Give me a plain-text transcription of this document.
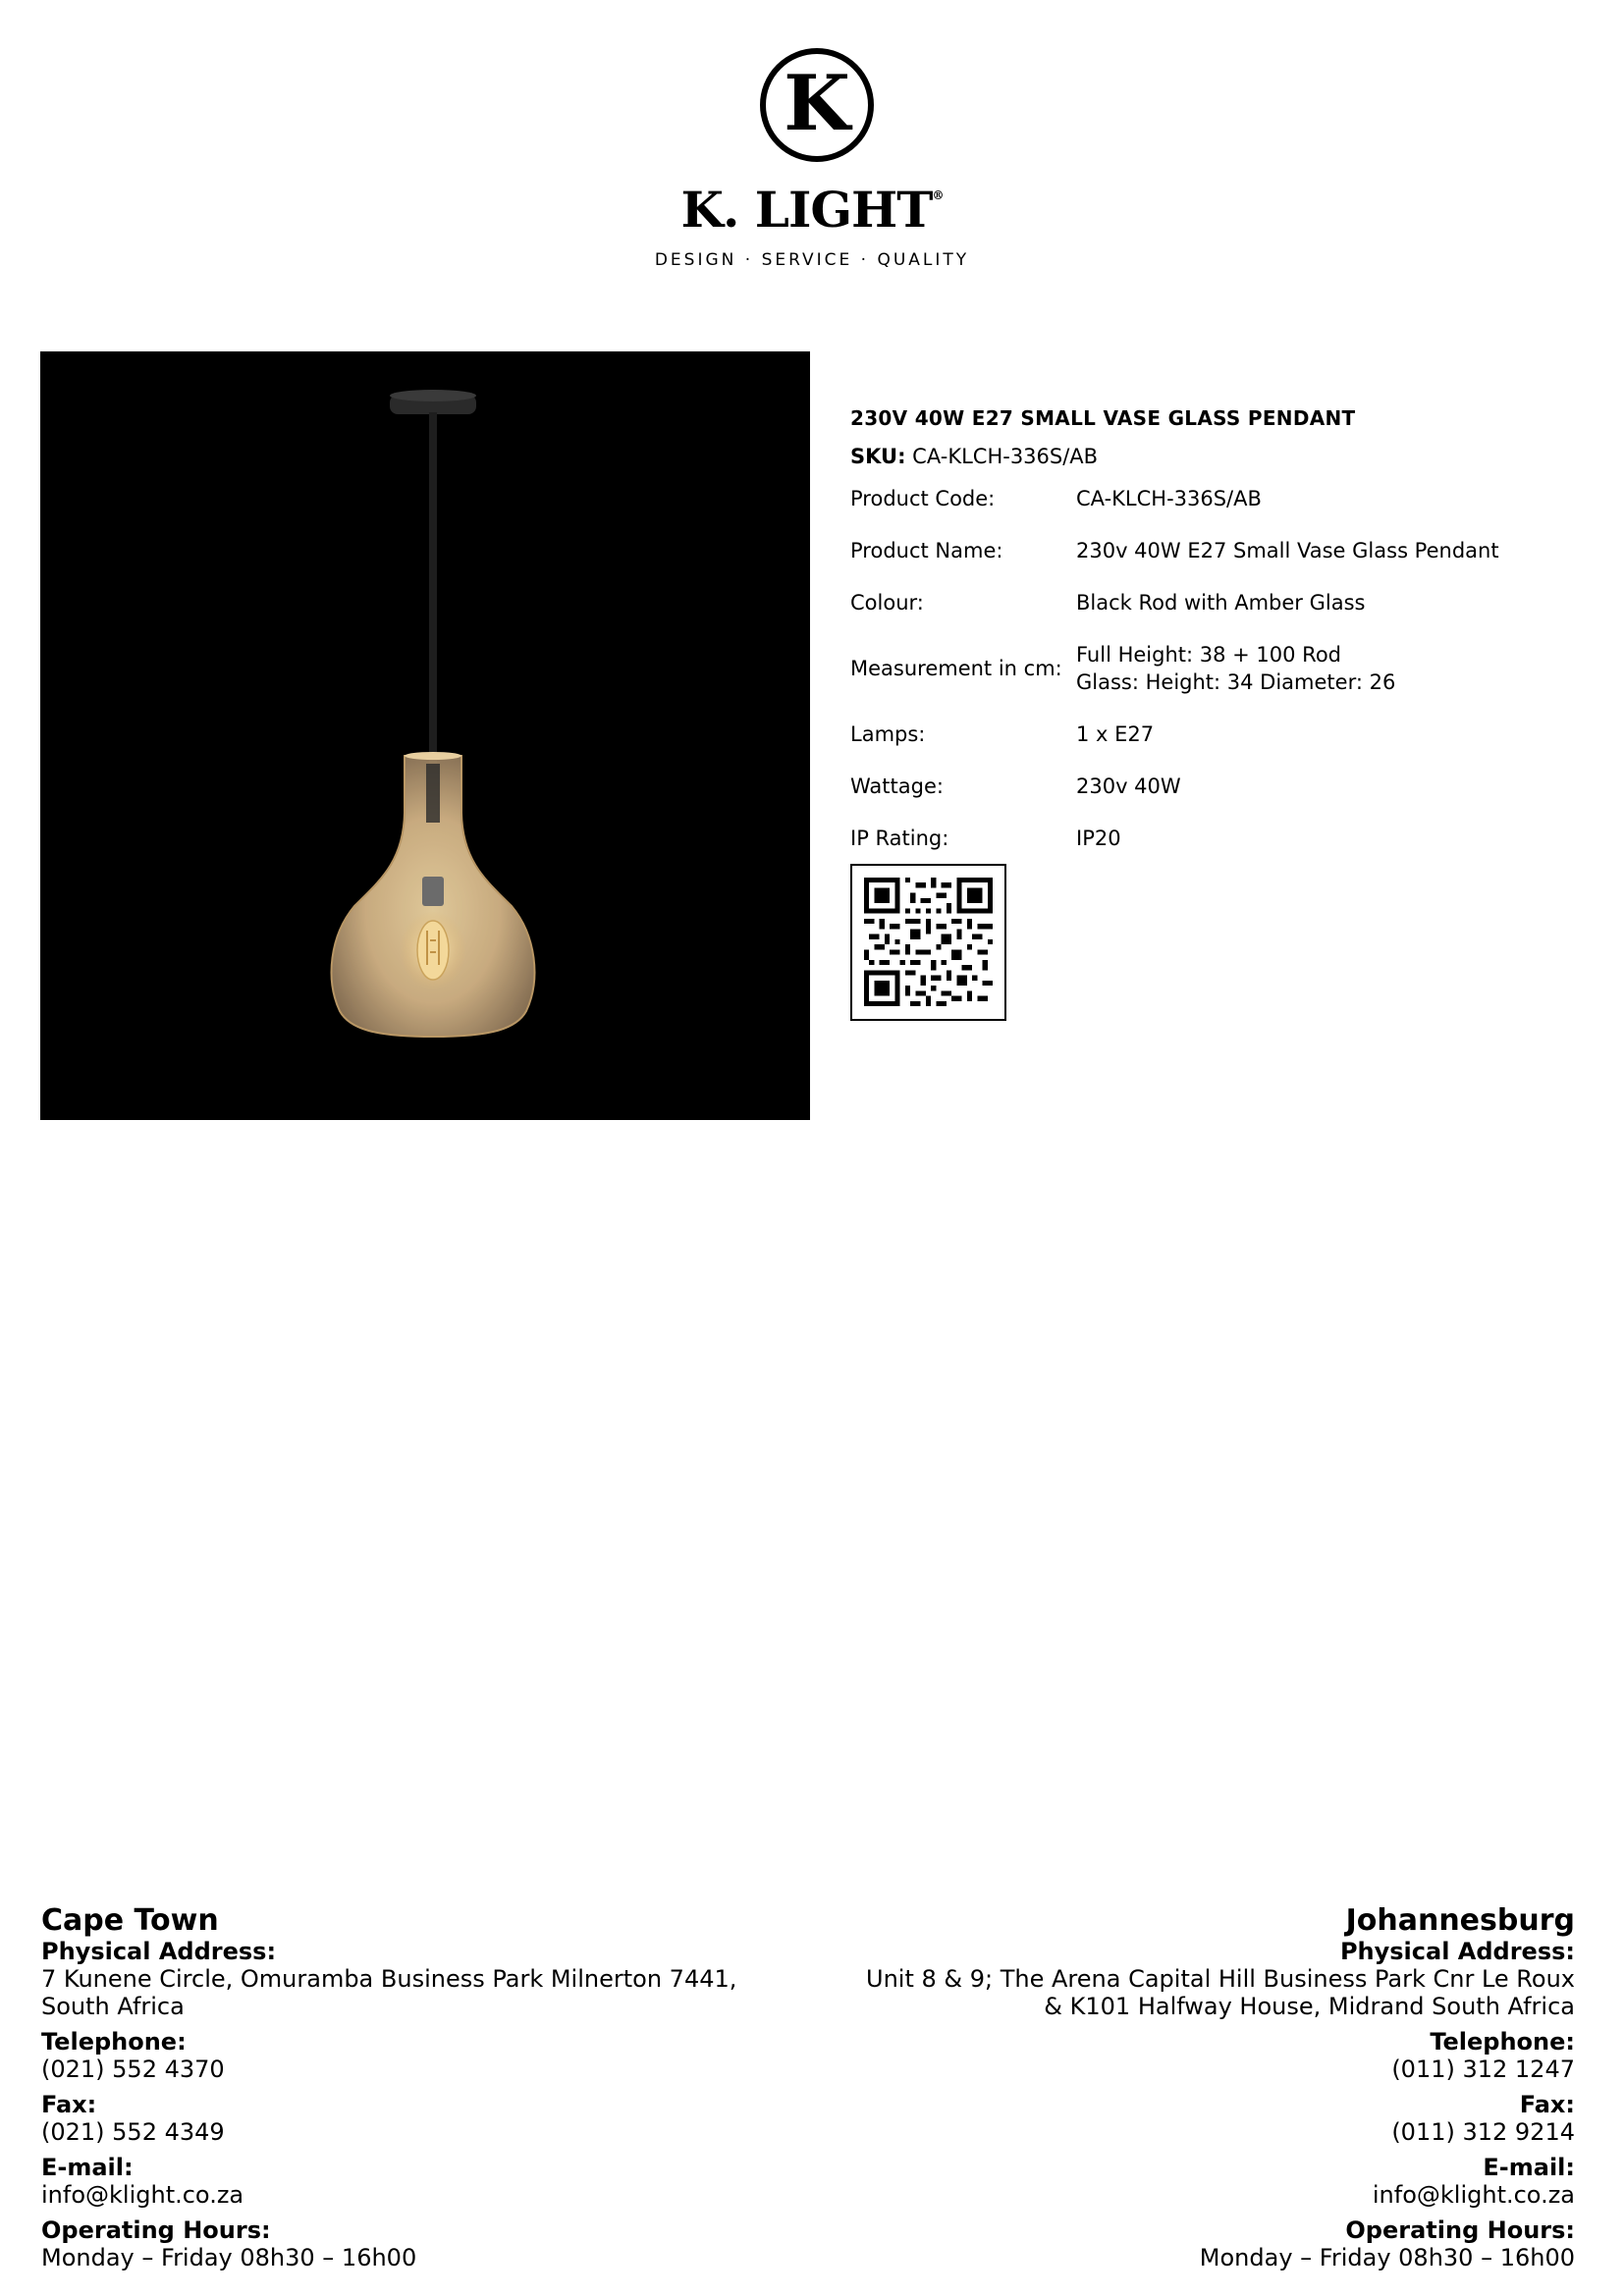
K
K. LIGHT®
DESIGN · SERVICE · QUALITY
230V 40W E27 SMALL VASE GLASS PENDANT
SKU: CA-KLCH-336S/AB
Product Code:	CA-KLCH-336S/AB
Product Name:	230v 40W E27 Small Vase Glass Pendant
Colour:	Black Rod with Amber Glass
Measurement in cm:
Full Height: 38 + 100 Rod
Glass: Height: 34 Diameter: 26
Lamps:	1 x E27
Wattage:	230v 40W
IP Rating:	IP20
Cape Town
Physical Address:
7 Kunene Circle, Omuramba Business Park Milnerton 7441,
South Africa
Telephone:
(021) 552 4370
Fax:
(021) 552 4349
E-mail:
info@klight.co.za
Operating Hours:
Monday – Friday 08h30 – 16h00
Johannesburg
Physical Address:
Unit 8 & 9; The Arena Capital Hill Business Park Cnr Le Roux
& K101 Halfway House, Midrand South Africa
Telephone:
(011) 312 1247
Fax:
(011) 312 9214
E-mail:
info@klight.co.za
Operating Hours:
Monday – Friday 08h30 – 16h00
